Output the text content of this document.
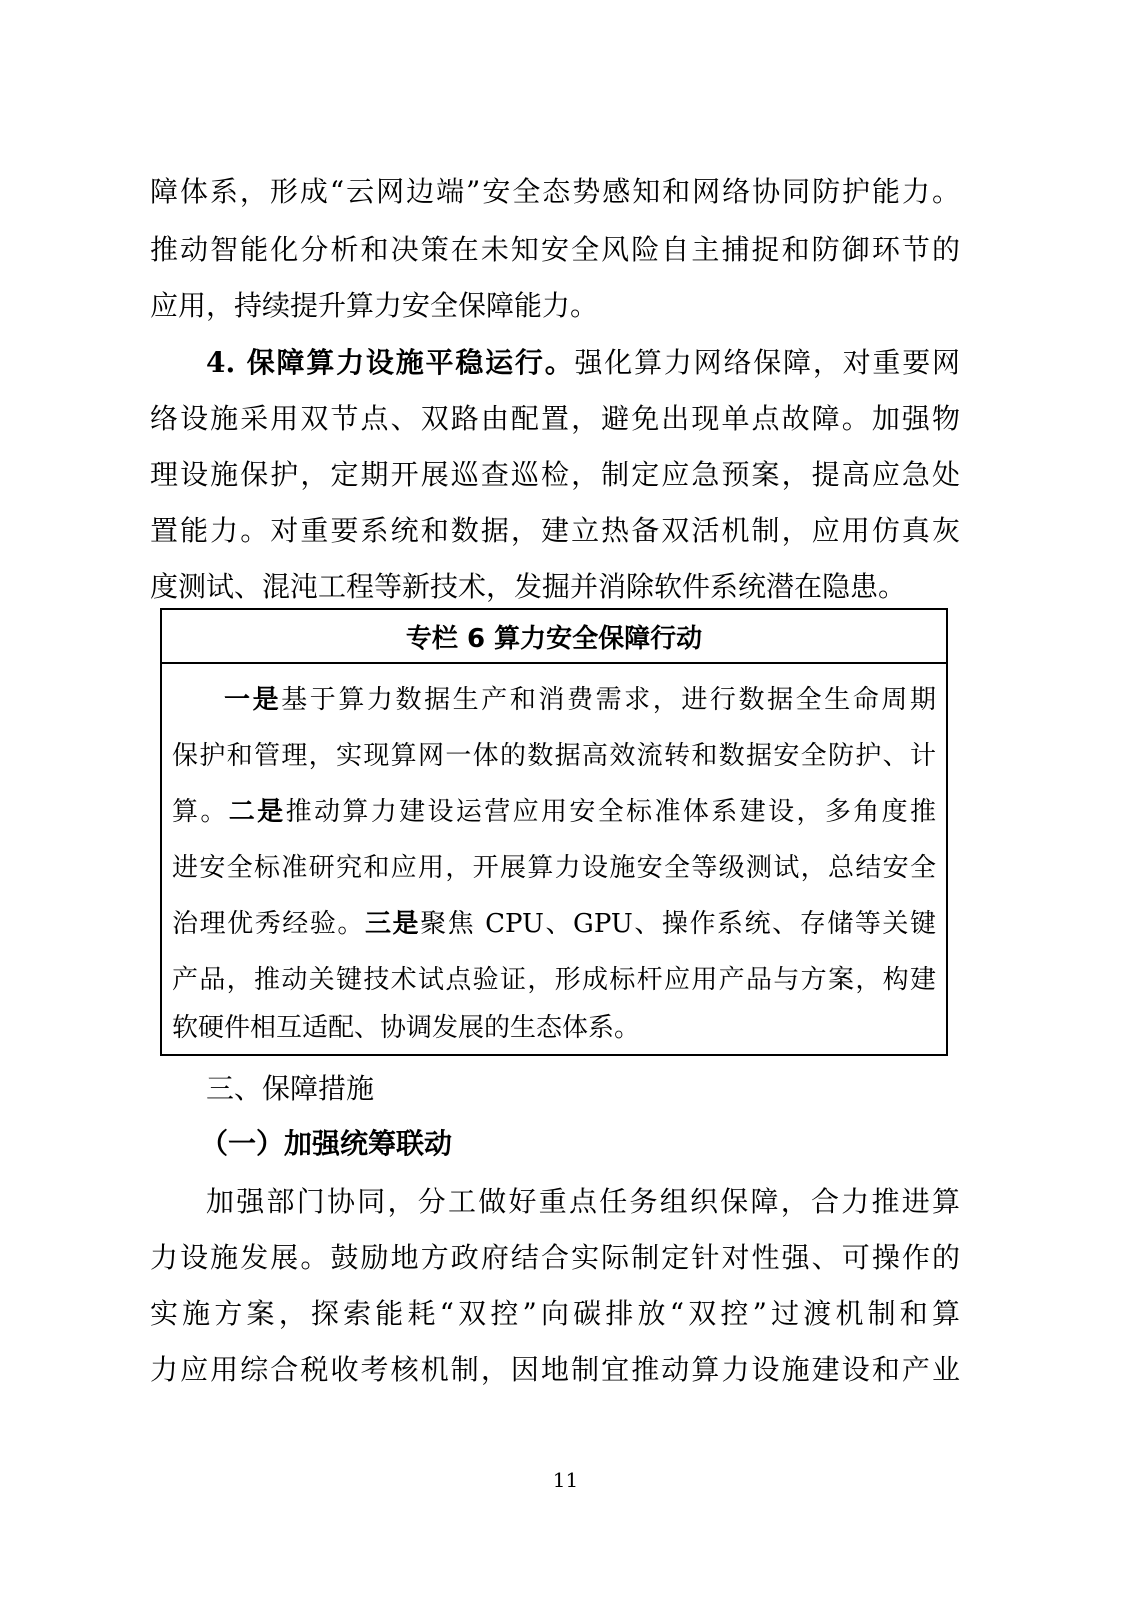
障体系，形成“云网边端”安全态势感知和网络协同防护能力。
推动智能化分析和决策在未知安全风险自主捕捉和防御环节的
应用，持续提升算力安全保障能力。
4. 保障算力设施平稳运行。强化算力网络保障，对重要网
络设施采用双节点、双路由配置，避免出现单点故障。加强物
理设施保护，定期开展巡查巡检，制定应急预案，提高应急处
置能力。对重要系统和数据，建立热备双活机制，应用仿真灰
度测试、混沌工程等新技术，发掘并消除软件系统潜在隐患。
专栏 6 算力安全保障行动
一是基于算力数据生产和消费需求，进行数据全生命周期
保护和管理，实现算网一体的数据高效流转和数据安全防护、计
算。二是推动算力建设运营应用安全标准体系建设，多角度推
进安全标准研究和应用，开展算力设施安全等级测试，总结安全
治理优秀经验。三是聚焦 CPU、GPU、操作系统、存储等关键
产品，推动关键技术试点验证，形成标杆应用产品与方案，构建
软硬件相互适配、协调发展的生态体系。
三、保障措施
（一）加强统筹联动
加强部门协同，分工做好重点任务组织保障，合力推进算
力设施发展。鼓励地方政府结合实际制定针对性强、可操作的
实施方案，探索能耗“双控”向碳排放“双控”过渡机制和算
力应用综合税收考核机制，因地制宜推动算力设施建设和产业
11
